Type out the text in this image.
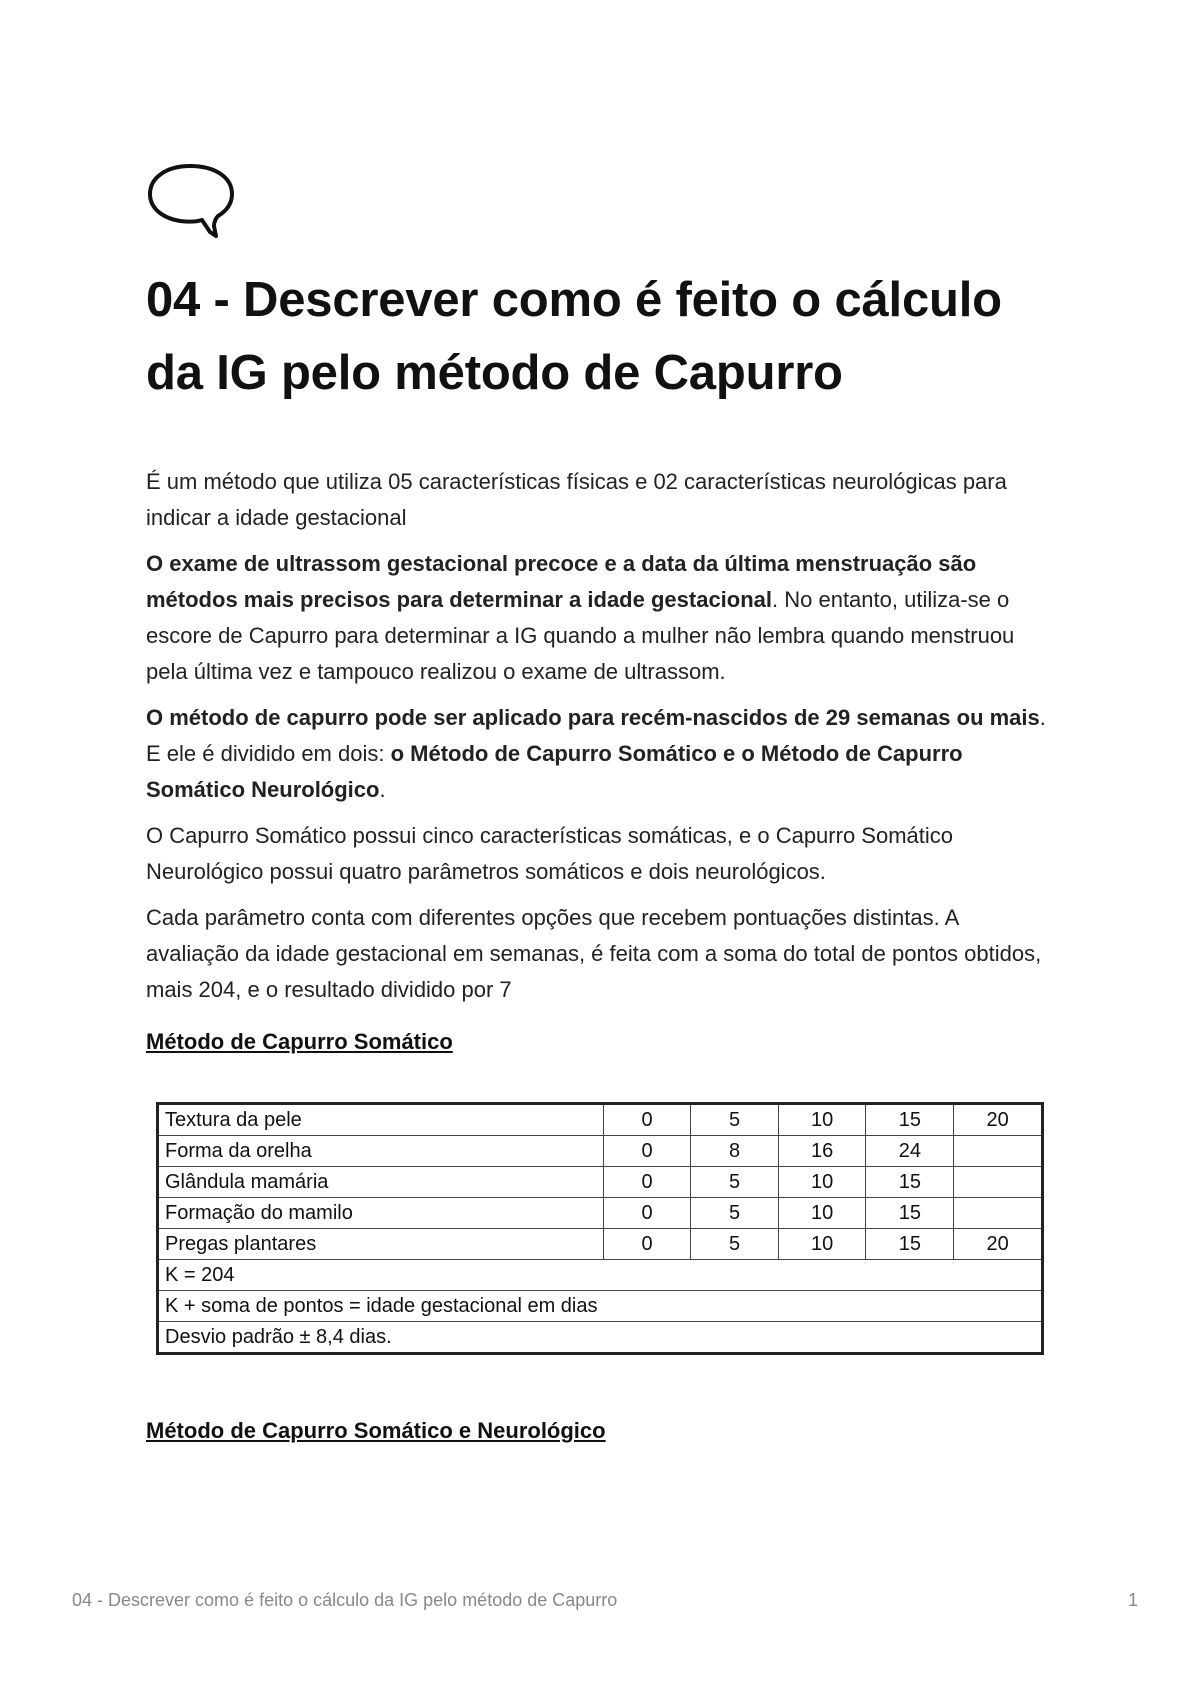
04 - Descrever como é feito o cálculo da IG pelo método de Capurro

É um método que utiliza 05 características físicas e 02 características neurológicas para indicar a idade gestacional

O exame de ultrassom gestacional precoce e a data da última menstruação são métodos mais precisos para determinar a idade gestacional. No entanto, utiliza-se o escore de Capurro para determinar a IG quando a mulher não lembra quando menstruou pela última vez e tampouco realizou o exame de ultrassom.

O método de capurro pode ser aplicado para recém-nascidos de 29 semanas ou mais. E ele é dividido em dois: o Método de Capurro Somático e o Método de Capurro Somático Neurológico.

O Capurro Somático possui cinco características somáticas, e o Capurro Somático Neurológico possui quatro parâmetros somáticos e dois neurológicos.

Cada parâmetro conta com diferentes opções que recebem pontuações distintas. A avaliação da idade gestacional em semanas, é feita com a soma do total de pontos obtidos, mais 204, e o resultado dividido por 7

Método de Capurro Somático
Textura da pele	0	5	10	15	20
Forma da orelha	0	8	16	24	
Glândula mamária	0	5	10	15	
Formação do mamilo	0	5	10	15	
Pregas plantares	0	5	10	15	20
K = 204					
K + soma de pontos = idade gestacional em dias					
Desvio padrão ± 8,4 dias.					
Método de Capurro Somático e Neurológico
04 - Descrever como é feito o cálculo da IG pelo método de Capurro	1
